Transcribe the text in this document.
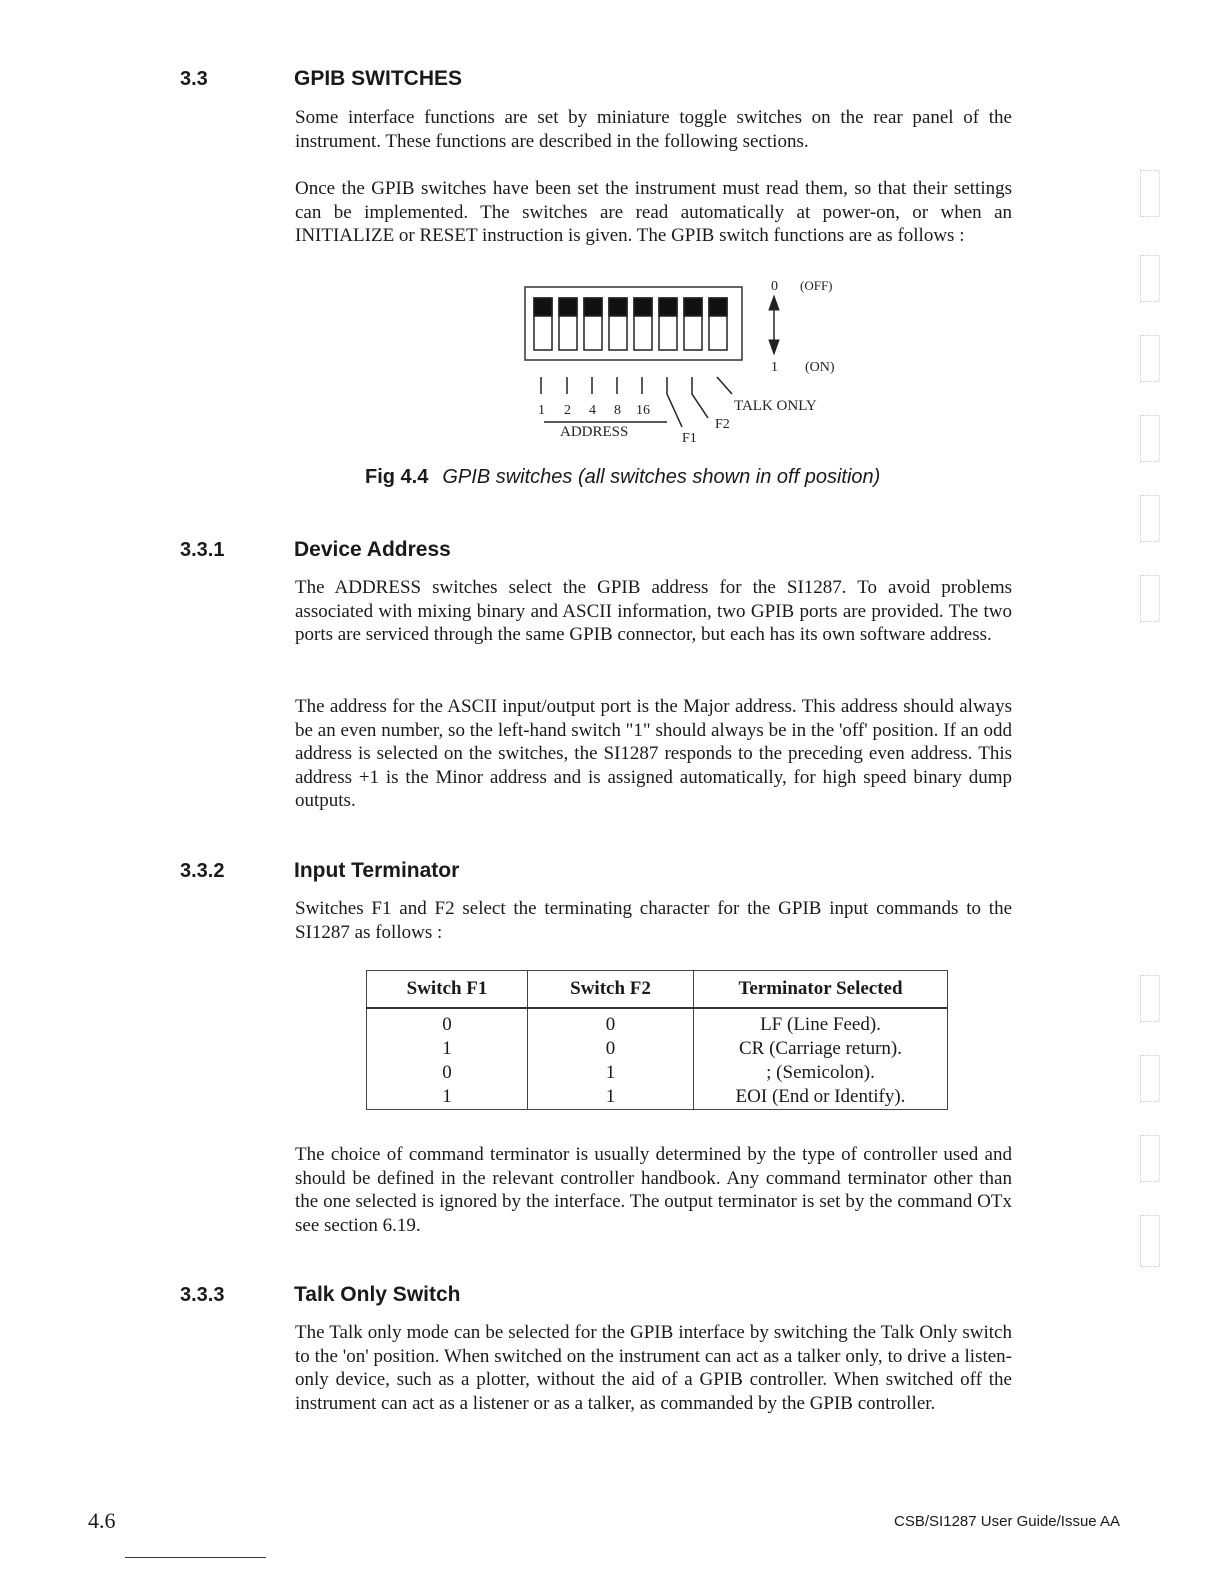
3.3	GPIB SWITCHES

Some interface functions are set by miniature toggle switches on the rear panel of the instrument. These functions are described in the following sections.

Once the GPIB switches have been set the instrument must read them, so that their settings can be implemented. The switches are read automatically at power-on, or when an INITIALIZE or RESET instruction is given. The GPIB switch functions are as follows :

0 (OFF)
1 (ON)
1 2 4 8 16
ADDRESS	F1
F2
TALK ONLY
Fig 4.4 GPIB switches (all switches shown in off position)
3.3.1	Device Address

The ADDRESS switches select the GPIB address for the SI1287. To avoid problems associated with mixing binary and ASCII information, two GPIB ports are provided. The two ports are serviced through the same GPIB connector, but each has its own software address.

The address for the ASCII input/output port is the Major address. This address should always be an even number, so the left-hand switch "1" should always be in the 'off' position. If an odd address is selected on the switches, the SI1287 responds to the preceding even address. This address +1 is the Minor address and is assigned automatically, for high speed binary dump outputs.

3.3.2	Input Terminator

Switches F1 and F2 select the terminating character for the GPIB input commands to the SI1287 as follows :

Switch F1	Switch F2	Terminator Selected
0	0	LF (Line Feed).
1	0	CR (Carriage return).
0	1	; (Semicolon).
1	1	EOI (End or Identify).

The choice of command terminator is usually determined by the type of controller used and should be defined in the relevant controller handbook. Any command terminator other than the one selected is ignored by the interface. The output terminator is set by the command OTx see section 6.19.

3.3.3	Talk Only Switch

The Talk only mode can be selected for the GPIB interface by switching the Talk Only switch to the 'on' position. When switched on the instrument can act as a talker only, to drive a listen-only device, such as a plotter, without the aid of a GPIB controller. When switched off the instrument can act as a listener or as a talker, as commanded by the GPIB controller.

4.6	CSB/SI1287 User Guide/Issue AA
